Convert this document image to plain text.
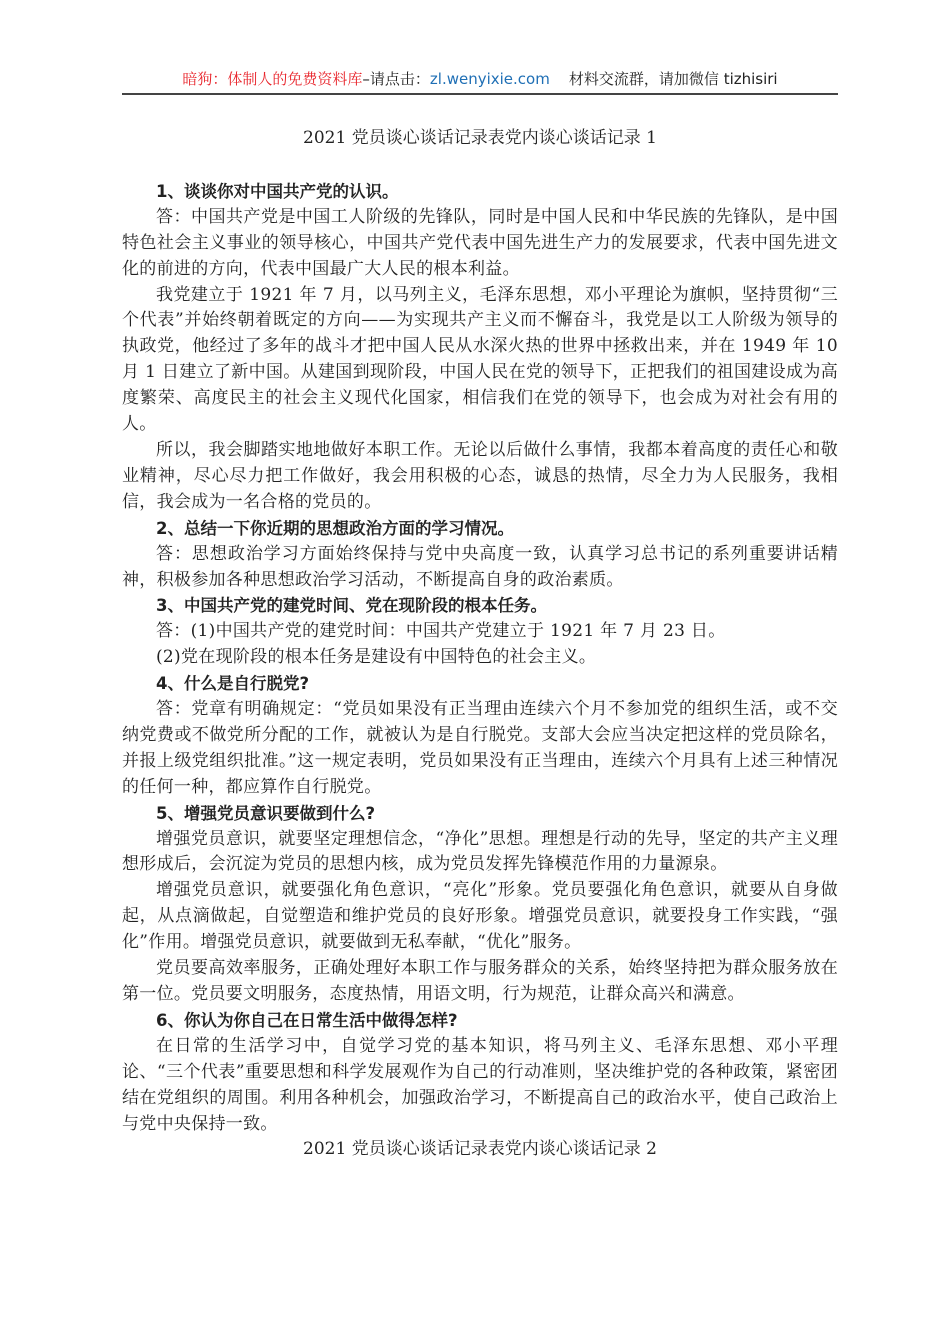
暗狗：体制人的免费资料库–请点击：zl.wenyixie.com 材料交流群，请加微信 tizhisiri
2021 党员谈心谈话记录表党内谈心谈话记录 1
1、谈谈你对中国共产党的认识。
答：中国共产党是中国工人阶级的先锋队，同时是中国人民和中华民族的先锋队，是中国特色社会主义事业的领导核心，中国共产党代表中国先进生产力的发展要求，代表中国先进文化的前进的方向，代表中国最广大人民的根本利益。
我党建立于 1921 年 7 月，以马列主义，毛泽东思想，邓小平理论为旗帜，坚持贯彻“三个代表”并始终朝着既定的方向——为实现共产主义而不懈奋斗，我党是以工人阶级为领导的执政党，他经过了多年的战斗才把中国人民从水深火热的世界中拯救出来，并在 1949 年 10 月 1 日建立了新中国。从建国到现阶段，中国人民在党的领导下，正把我们的祖国建设成为高度繁荣、高度民主的社会主义现代化国家，相信我们在党的领导下，也会成为对社会有用的人。
所以，我会脚踏实地地做好本职工作。无论以后做什么事情，我都本着高度的责任心和敬业精神，尽心尽力把工作做好，我会用积极的心态，诚恳的热情，尽全力为人民服务，我相信，我会成为一名合格的党员的。
2、总结一下你近期的思想政治方面的学习情况。
答：思想政治学习方面始终保持与党中央高度一致，认真学习总书记的系列重要讲话精神，积极参加各种思想政治学习活动，不断提高自身的政治素质。
3、中国共产党的建党时间、党在现阶段的根本任务。
答：(1)中国共产党的建党时间：中国共产党建立于 1921 年 7 月 23 日。
(2)党在现阶段的根本任务是建设有中国特色的社会主义。
4、什么是自行脱党?
答：党章有明确规定：“党员如果没有正当理由连续六个月不参加党的组织生活，或不交纳党费或不做党所分配的工作，就被认为是自行脱党。支部大会应当决定把这样的党员除名，并报上级党组织批准。”这一规定表明，党员如果没有正当理由，连续六个月具有上述三种情况的任何一种，都应算作自行脱党。
5、增强党员意识要做到什么?
增强党员意识，就要坚定理想信念，“净化”思想。理想是行动的先导，坚定的共产主义理想形成后，会沉淀为党员的思想内核，成为党员发挥先锋模范作用的力量源泉。
增强党员意识，就要强化角色意识，“亮化”形象。党员要强化角色意识，就要从自身做起，从点滴做起，自觉塑造和维护党员的良好形象。增强党员意识，就要投身工作实践，“强化”作用。增强党员意识，就要做到无私奉献，“优化”服务。
党员要高效率服务，正确处理好本职工作与服务群众的关系，始终坚持把为群众服务放在第一位。党员要文明服务，态度热情，用语文明，行为规范，让群众高兴和满意。
6、你认为你自己在日常生活中做得怎样?
在日常的生活学习中，自觉学习党的基本知识，将马列主义、毛泽东思想、邓小平理论、“三个代表”重要思想和科学发展观作为自己的行动准则，坚决维护党的各种政策，紧密团结在党组织的周围。利用各种机会，加强政治学习，不断提高自己的政治水平，使自己政治上与党中央保持一致。
2021 党员谈心谈话记录表党内谈心谈话记录 2
